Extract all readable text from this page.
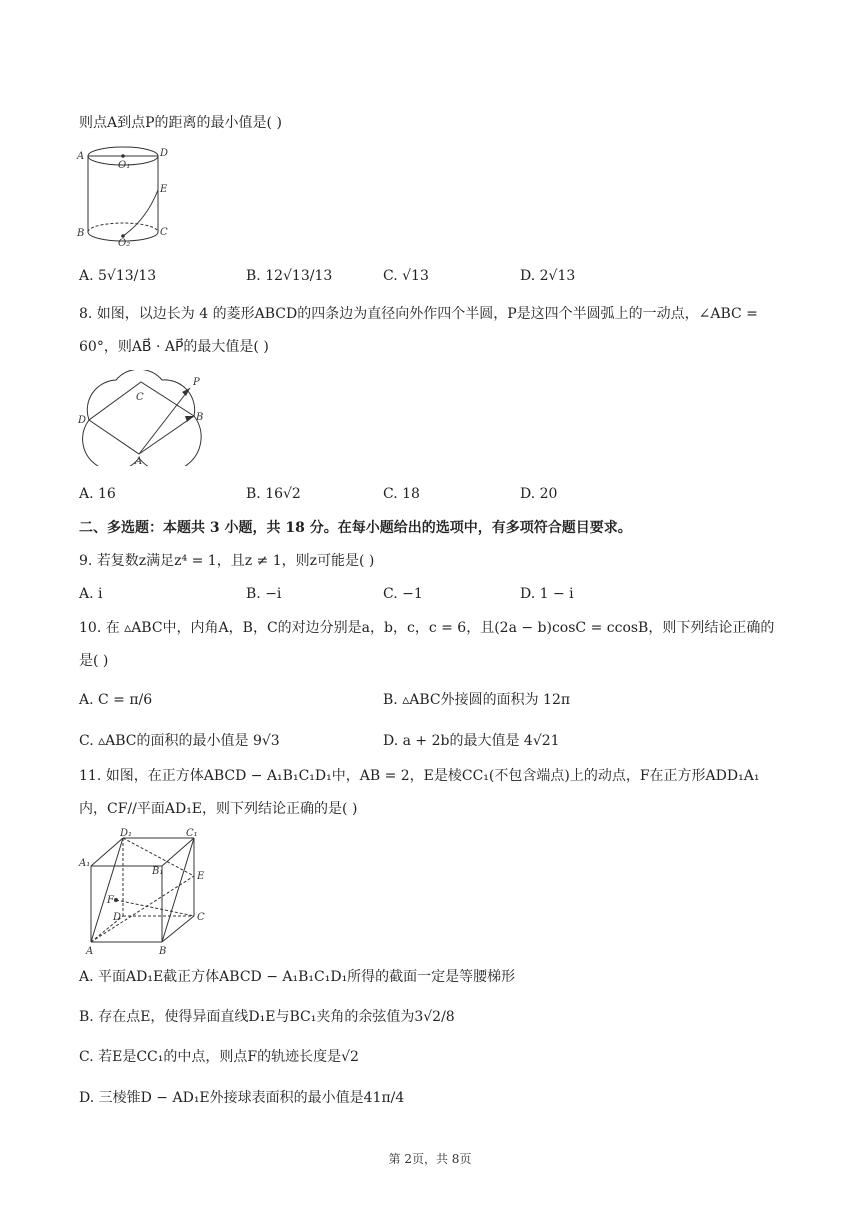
则点A到点P的距离的最小值是( )
A	D
O₁
E
B
O₂
C
A. 5√13/13	B. 12√13/13	C. √13	D. 2√13
8. 如图，以边长为 4 的菱形ABCD的四条边为直径向外作四个半圆，P是这四个半圆弧上的一动点，∠ABC =
60°，则AB⃗ · AP⃗的最大值是( )
P
C
D	B
A
A. 16	B. 16√2	C. 18	D. 20
二、多选题：本题共 3 小题，共 18 分。在每小题给出的选项中，有多项符合题目要求。
9. 若复数z满足z⁴ = 1，且z ≠ 1，则z可能是( )
A. i	B. −i	C. −1	D. 1 − i
10. 在 ▵ABC中，内角A，B，C的对边分别是a，b，c，c = 6，且(2a − b)cosC = ccosB，则下列结论正确的
是( )
A. C = π/6	B. ▵ABC外接圆的面积为 12π
C. ▵ABC的面积的最小值是 9√3	D. a + 2b的最大值是 4√21
11. 如图，在正方体ABCD − A₁B₁C₁D₁中，AB = 2，E是棱CC₁(不包含端点)上的动点，F在正方形ADD₁A₁
内，CF//平面AD₁E，则下列结论正确的是( )
D₁	C₁
A₁
B₁	E
F
D	C
A	B
A. 平面AD₁E截正方体ABCD − A₁B₁C₁D₁所得的截面一定是等腰梯形
B. 存在点E，使得异面直线D₁E与BC₁夹角的余弦值为3√2/8
C. 若E是CC₁的中点，则点F的轨迹长度是√2
D. 三棱锥D − AD₁E外接球表面积的最小值是41π/4
第 2页，共 8页
